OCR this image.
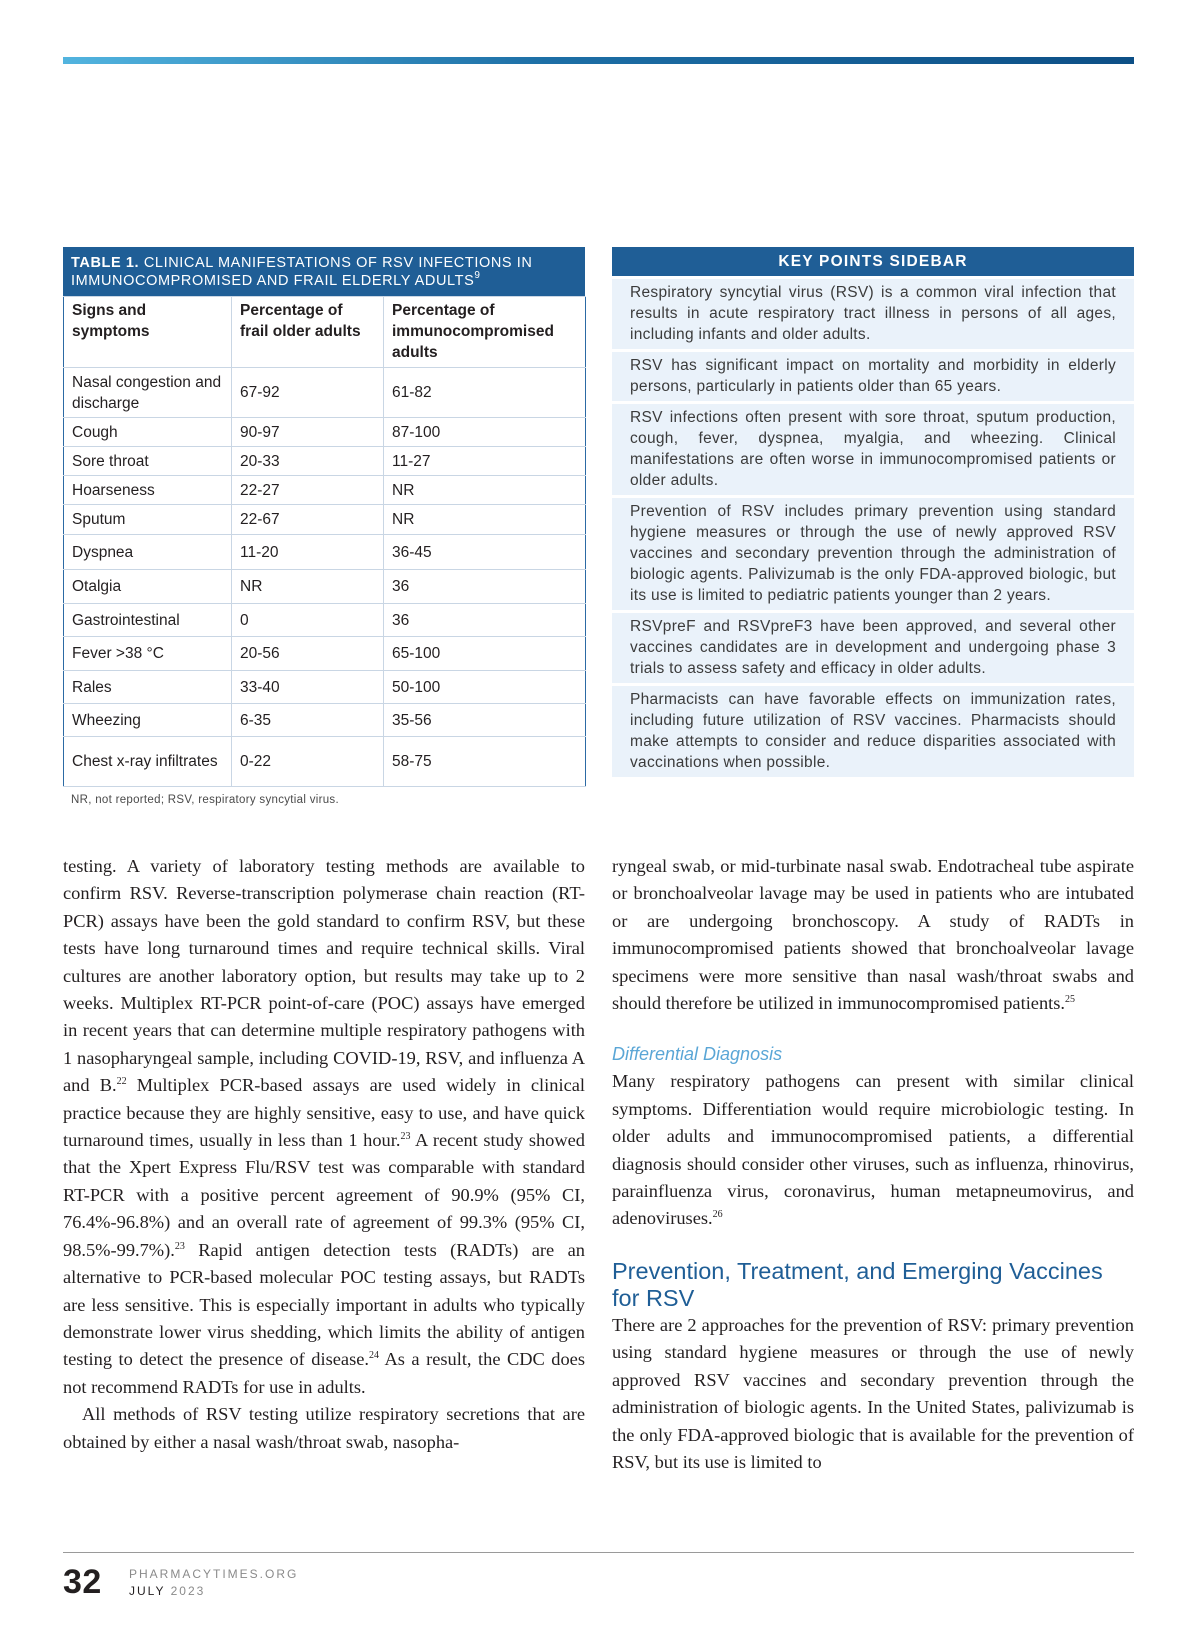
TABLE 1. CLINICAL MANIFESTATIONS OF RSV INFECTIONS IN IMMUNOCOMPROMISED AND FRAIL ELDERLY ADULTS$^9$
Signs and symptoms	Percentage of frail older adults	Percentage of immunocompromised adults
Nasal congestion and discharge	67-92	61-82
Cough	90-97	87-100
Sore throat	20-33	11-27
Hoarseness	22-27	NR
Sputum	22-67	NR
Dyspnea	11-20	36-45
Otalgia	NR	36
Gastrointestinal	0	36
Fever >38 °C	20-56	65-100
Rales	33-40	50-100
Wheezing	6-35	35-56
Chest x-ray infiltrates	0-22	58-75
NR, not reported; RSV, respiratory syncytial virus.
KEY POINTS SIDEBAR
Respiratory syncytial virus (RSV) is a common viral infection that results in acute respiratory tract illness in persons of all ages, including infants and older adults.
RSV has significant impact on mortality and morbidity in elderly persons, particularly in patients older than 65 years.
RSV infections often present with sore throat, sputum production, cough, fever, dyspnea, myalgia, and wheezing. Clinical manifestations are often worse in immunocompromised patients or older adults.
Prevention of RSV includes primary prevention using standard hygiene measures or through the use of newly approved RSV vaccines and secondary prevention through the administration of biologic agents. Palivizumab is the only FDA-approved biologic, but its use is limited to pediatric patients younger than 2 years.
RSVpreF and RSVpreF3 have been approved, and several other vaccines candidates are in development and undergoing phase 3 trials to assess safety and efficacy in older adults.
Pharmacists can have favorable effects on immunization rates, including future utilization of RSV vaccines. Pharmacists should make attempts to consider and reduce disparities associated with vaccinations when possible.

testing. A variety of laboratory testing methods are available to confirm RSV. Reverse-transcription polymerase chain reaction (RT-PCR) assays have been the gold standard to confirm RSV, but these tests have long turnaround times and require technical skills. Viral cultures are another laboratory option, but results may take up to 2 weeks. Multiplex RT-PCR point-of-care (POC) assays have emerged in recent years that can determine multiple respiratory pathogens with 1 nasopharyngeal sample, including COVID-19, RSV, and influenza A and B.$^{22}$ Multiplex PCR-based assays are used widely in clinical practice because they are highly sensitive, easy to use, and have quick turnaround times, usually in less than 1 hour.$^{23}$ A recent study showed that the Xpert Express Flu/RSV test was comparable with standard RT-PCR with a positive percent agreement of 90.9% (95% CI, 76.4%-96.8%) and an overall rate of agreement of 99.3% (95% CI, 98.5%-99.7%).$^{23}$ Rapid antigen detection tests (RADTs) are an alternative to PCR-based molecular POC testing assays, but RADTs are less sensitive. This is especially important in adults who typically demonstrate lower virus shedding, which limits the ability of antigen testing to detect the presence of disease.$^{24}$ As a result, the CDC does not recommend RADTs for use in adults.

All methods of RSV testing utilize respiratory secretions that are obtained by either a nasal wash/throat swab, nasopha-

ryngeal swab, or mid-turbinate nasal swab. Endotracheal tube aspirate or bronchoalveolar lavage may be used in patients who are intubated or are undergoing bronchoscopy. A study of RADTs in immunocompromised patients showed that bronchoalveolar lavage specimens were more sensitive than nasal wash/throat swabs and should therefore be utilized in immunocompromised patients.$^{25}$

Differential Diagnosis

Many respiratory pathogens can present with similar clinical symptoms. Differentiation would require microbiologic testing. In older adults and immunocompromised patients, a differential diagnosis should consider other viruses, such as influenza, rhinovirus, parainfluenza virus, coronavirus, human metapneumovirus, and adenoviruses.$^{26}$

Prevention, Treatment, and Emerging Vaccines for RSV

There are 2 approaches for the prevention of RSV: primary prevention using standard hygiene measures or through the use of newly approved RSV vaccines and secondary prevention through the administration of biologic agents. In the United States, palivizumab is the only FDA-approved biologic that is available for the prevention of RSV, but its use is limited to

32 PHARMACYTIMES.ORG
JULY 2023
